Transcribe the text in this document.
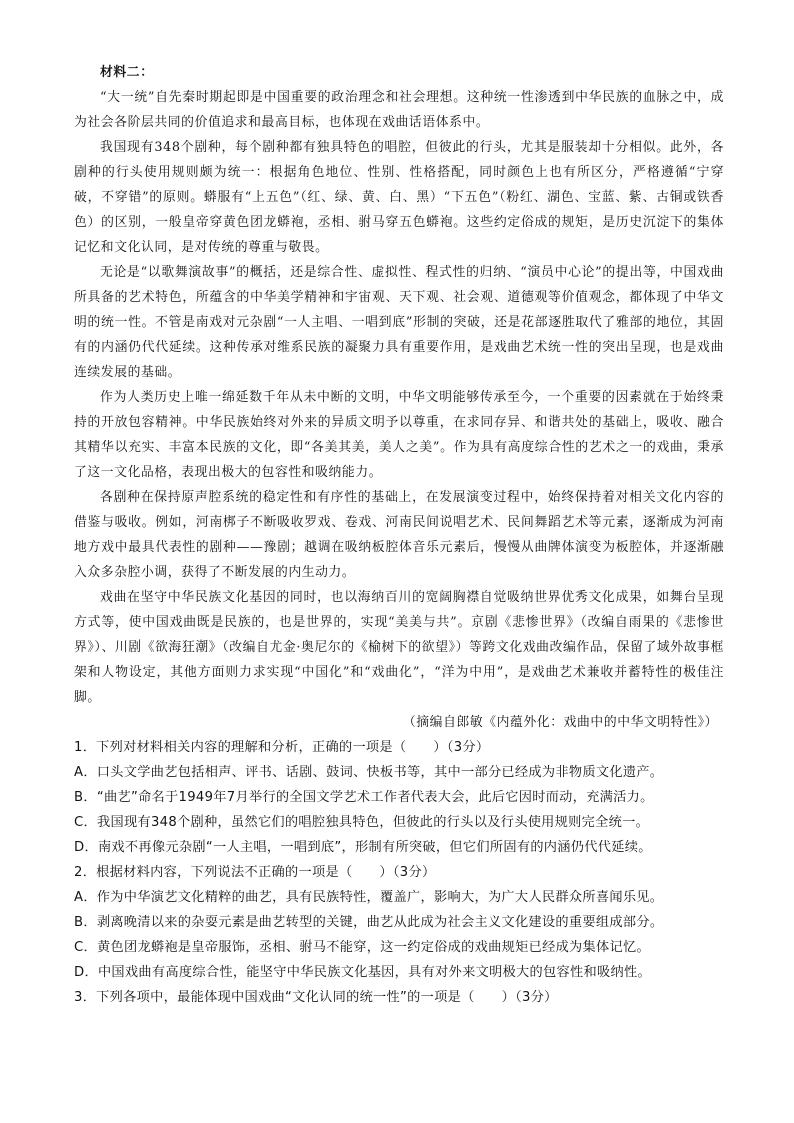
材料二：

“大一统”自先秦时期起即是中国重要的政治理念和社会理想。这种统一性渗透到中华民族的血脉之中，成为社会各阶层共同的价值追求和最高目标，也体现在戏曲话语体系中。

我国现有348个剧种，每个剧种都有独具特色的唱腔，但彼此的行头，尤其是服装却十分相似。此外，各剧种的行头使用规则颇为统一：根据角色地位、性别、性格搭配，同时颜色上也有所区分，严格遵循“宁穿破，不穿错”的原则。蟒服有“上五色”（红、绿、黄、白、黑）“下五色”（粉红、湖色、宝蓝、紫、古铜或铁香色）的区别，一般皇帝穿黄色团龙蟒袍，丞相、驸马穿五色蟒袍。这些约定俗成的规矩，是历史沉淀下的集体记忆和文化认同，是对传统的尊重与敬畏。

无论是“以歌舞演故事”的概括，还是综合性、虚拟性、程式性的归纳、“演员中心论”的提出等，中国戏曲所具备的艺术特色，所蕴含的中华美学精神和宇宙观、天下观、社会观、道德观等价值观念，都体现了中华文明的统一性。不管是南戏对元杂剧“一人主唱、一唱到底”形制的突破，还是花部逐胜取代了雅部的地位，其固有的内涵仍代代延续。这种传承对维系民族的凝聚力具有重要作用，是戏曲艺术统一性的突出呈现，也是戏曲连续发展的基础。

作为人类历史上唯一绵延数千年从未中断的文明，中华文明能够传承至今，一个重要的因素就在于始终秉持的开放包容精神。中华民族始终对外来的异质文明予以尊重，在求同存异、和谐共处的基础上，吸收、融合其精华以充实、丰富本民族的文化，即“各美其美，美人之美”。作为具有高度综合性的艺术之一的戏曲，秉承了这一文化品格，表现出极大的包容性和吸纳能力。

各剧种在保持原声腔系统的稳定性和有序性的基础上，在发展演变过程中，始终保持着对相关文化内容的借鉴与吸收。例如，河南梆子不断吸收罗戏、卷戏、河南民间说唱艺术、民间舞蹈艺术等元素，逐渐成为河南地方戏中最具代表性的剧种——豫剧；越调在吸纳板腔体音乐元素后，慢慢从曲牌体演变为板腔体，并逐渐融入众多杂腔小调，获得了不断发展的内生动力。

戏曲在坚守中华民族文化基因的同时，也以海纳百川的宽阔胸襟自觉吸纳世界优秀文化成果，如舞台呈现方式等，使中国戏曲既是民族的，也是世界的，实现“美美与共”。京剧《悲惨世界》（改编自雨果的《悲惨世界》）、川剧《欲海狂潮》（改编自尤金·奥尼尔的《榆树下的欲望》）等跨文化戏曲改编作品，保留了域外故事框架和人物设定，其他方面则力求实现“中国化”和“戏曲化”，“洋为中用”，是戏曲艺术兼收并蓄特性的极佳注脚。

（摘编自郎敏《内蕴外化：戏曲中的中华文明特性》）

1．下列对材料相关内容的理解和分析，正确的一项是（　　）（3分）

A．口头文学曲艺包括相声、评书、话剧、鼓词、快板书等，其中一部分已经成为非物质文化遗产。

B．“曲艺”命名于1949年7月举行的全国文学艺术工作者代表大会，此后它因时而动，充满活力。

C．我国现有348个剧种，虽然它们的唱腔独具特色，但彼此的行头以及行头使用规则完全统一。

D．南戏不再像元杂剧“一人主唱，一唱到底”，形制有所突破，但它们所固有的内涵仍代代延续。

2．根据材料内容，下列说法不正确的一项是（　　）（3分）

A．作为中华演艺文化精粹的曲艺，具有民族特性，覆盖广，影响大，为广大人民群众所喜闻乐见。

B．剥离晚清以来的杂耍元素是曲艺转型的关键，曲艺从此成为社会主义文化建设的重要组成部分。

C．黄色团龙蟒袍是皇帝服饰，丞相、驸马不能穿，这一约定俗成的戏曲规矩已经成为集体记忆。

D．中国戏曲有高度综合性，能坚守中华民族文化基因，具有对外来文明极大的包容性和吸纳性。

3．下列各项中，最能体现中国戏曲“文化认同的统一性”的一项是（　　）（3分）
